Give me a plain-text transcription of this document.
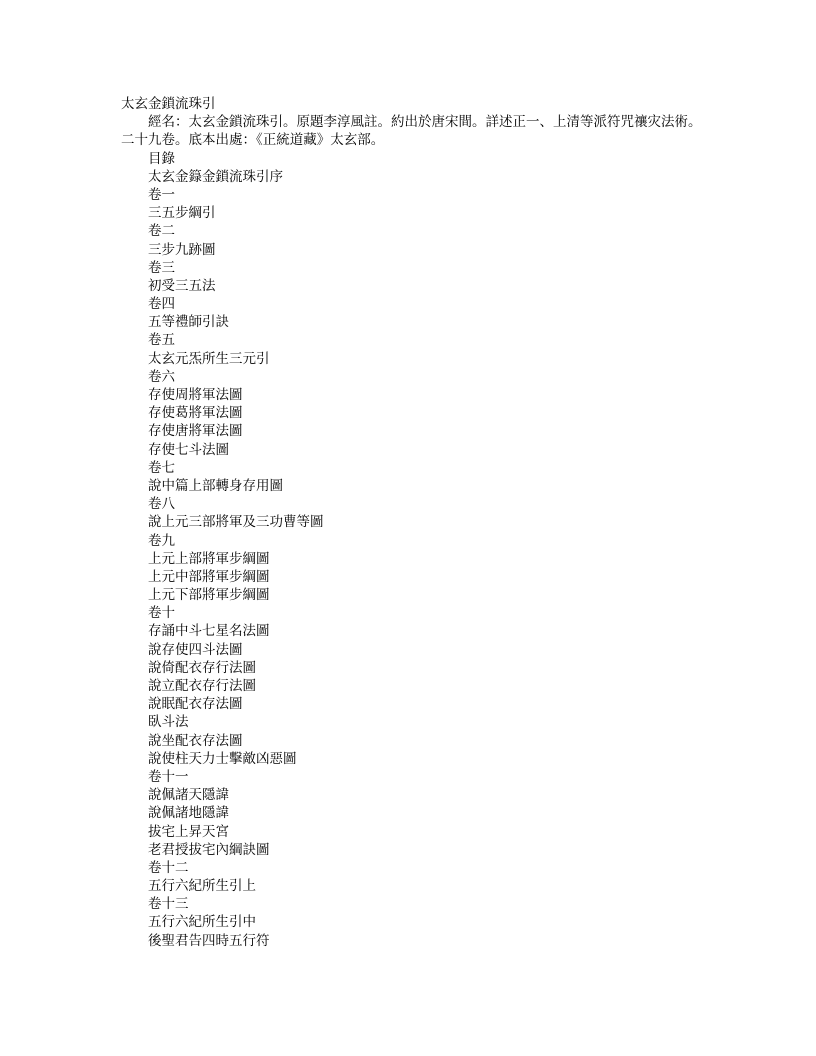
太玄金鎖流珠引
經名：太玄金鎖流珠引。原題李淳風註。約出於唐宋間。詳述正一、上清等派符咒禳灾法術。二十九卷。底本出處：《正統道藏》太玄部。
目錄
太玄金籙金鎖流珠引序
卷一
三五步綱引
卷二
三步九跡圖
卷三
初受三五法
卷四
五等禮師引訣
卷五
太玄元炁所生三元引
卷六
存使周將軍法圖
存使葛將軍法圖
存使唐將軍法圖
存使七斗法圖
卷七
說中篇上部轉身存用圖
卷八
說上元三部將軍及三功曹等圖
卷九
上元上部將軍步綱圖
上元中部將軍步綱圖
上元下部將軍步綱圖
卷十
存誦中斗七星名法圖
說存使四斗法圖
說倚配衣存行法圖
說立配衣存行法圖
說眠配衣存法圖
臥斗法
說坐配衣存法圖
說使柱天力士擊敵凶惡圖
卷十一
說佩諸天隱諱
說佩諸地隱諱
拔宅上昇天宮
老君授拔宅內綱訣圖
卷十二
五行六紀所生引上
卷十三
五行六紀所生引中
後聖君告四時五行符
